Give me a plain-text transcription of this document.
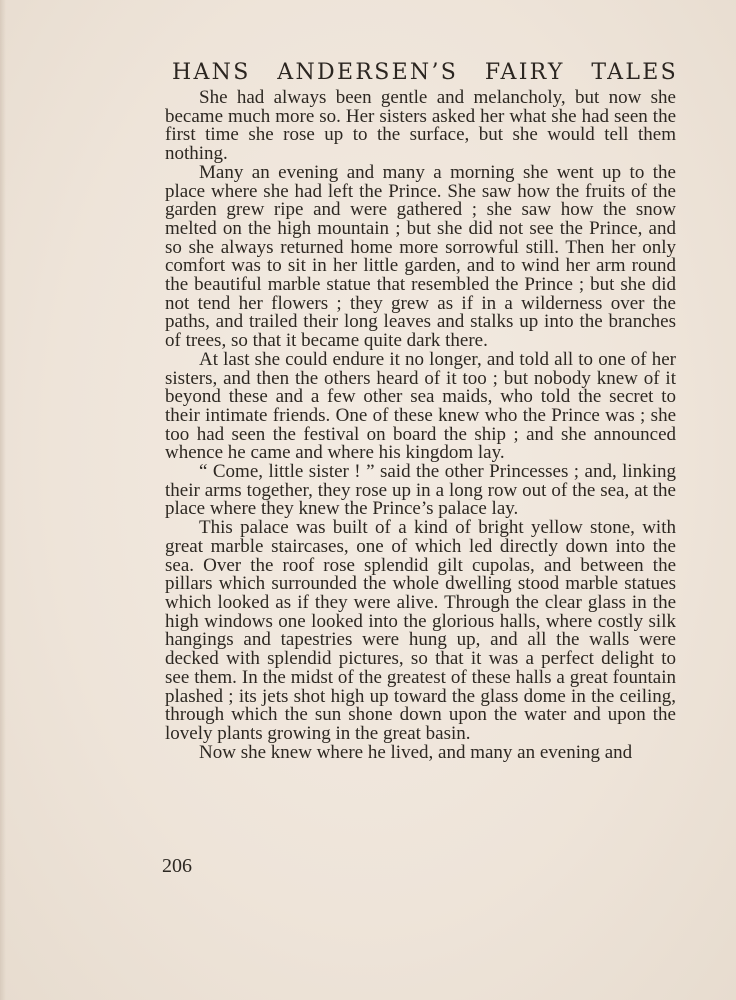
HANS ANDERSEN’S FAIRY TALES

She had always been gentle and melancholy, but now she became much more so. Her sisters asked her what she had seen the first time she rose up to the surface, but she would tell them nothing.

Many an evening and many a morning she went up to the place where she had left the Prince. She saw how the fruits of the garden grew ripe and were gathered ; she saw how the snow melted on the high mountain ; but she did not see the Prince, and so she always returned home more sorrowful still. Then her only comfort was to sit in her little garden, and to wind her arm round the beautiful marble statue that resembled the Prince ; but she did not tend her flowers ; they grew as if in a wilderness over the paths, and trailed their long leaves and stalks up into the branches of trees, so that it became quite dark there.

At last she could endure it no longer, and told all to one of her sisters, and then the others heard of it too ; but nobody knew of it beyond these and a few other sea maids, who told the secret to their intimate friends. One of these knew who the Prince was ; she too had seen the festival on board the ship ; and she announced whence he came and where his kingdom lay.

“ Come, little sister ! ” said the other Princesses ; and, linking their arms together, they rose up in a long row out of the sea, at the place where they knew the Prince’s palace lay.

This palace was built of a kind of bright yellow stone, with great marble staircases, one of which led directly down into the sea. Over the roof rose splendid gilt cupolas, and between the pillars which surrounded the whole dwelling stood marble statues which looked as if they were alive. Through the clear glass in the high windows one looked into the glorious halls, where costly silk hangings and tapestries were hung up, and all the walls were decked with splendid pictures, so that it was a perfect delight to see them. In the midst of the greatest of these halls a great fountain plashed ; its jets shot high up toward the glass dome in the ceiling, through which the sun shone down upon the water and upon the lovely plants growing in the great basin.

Now she knew where he lived, and many an evening and

206
